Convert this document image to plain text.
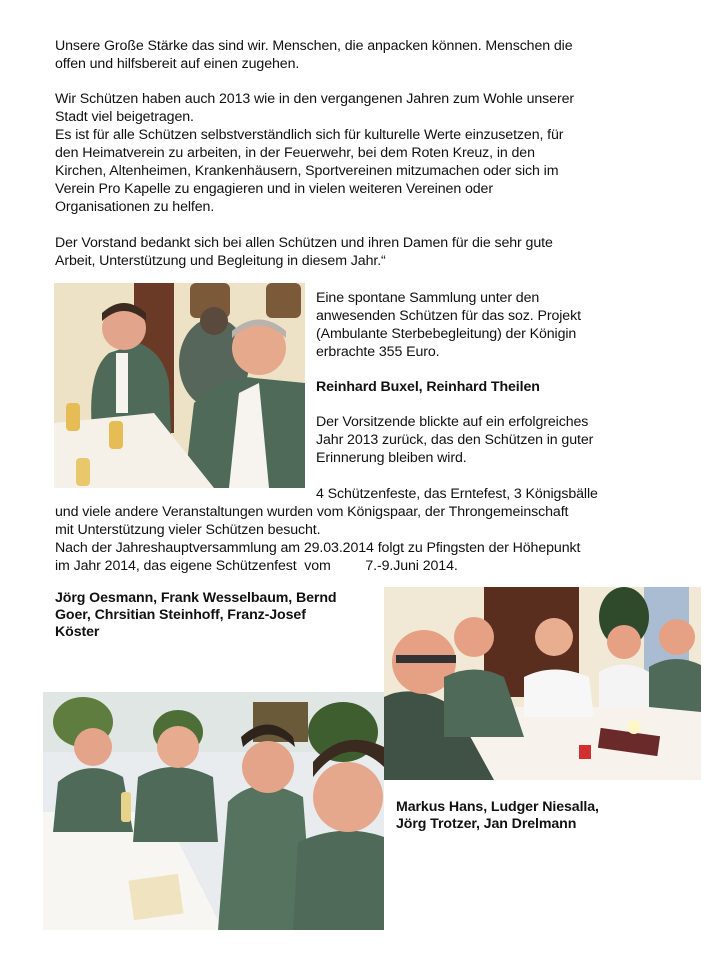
Unsere Große Stärke das sind wir. Menschen, die anpacken können. Menschen die
offen und hilfsbereit auf einen zugehen.
Wir Schützen haben auch 2013 wie in den vergangenen Jahren zum Wohle unserer
Stadt viel beigetragen.
Es ist für alle Schützen selbstverständlich sich für kulturelle Werte einzusetzen, für
den Heimatverein zu arbeiten, in der Feuerwehr, bei dem Roten Kreuz, in den
Kirchen, Altenheimen, Krankenhäusern, Sportvereinen mitzumachen oder sich im
Verein Pro Kapelle zu engagieren und in vielen weiteren Vereinen oder
Organisationen zu helfen.
Der Vorstand bedankt sich bei allen Schützen und ihren Damen für die sehr gute
Arbeit, Unterstützung und Begleitung in diesem Jahr.“
Eine spontane Sammlung unter den
anwesenden Schützen für das soz. Projekt
(Ambulante Sterbebegleitung) der Königin
erbrachte 355 Euro.
Reinhard Buxel, Reinhard Theilen
Der Vorsitzende blickte auf ein erfolgreiches
Jahr 2013 zurück, das den Schützen in guter
Erinnerung bleiben wird.
4 Schützenfeste, das Erntefest, 3 Königsbälle
und viele andere Veranstaltungen wurden vom Königspaar, der Throngemeinschaft
mit Unterstützung vieler Schützen besucht.
Nach der Jahreshauptversammlung am 29.03.2014 folgt zu Pfingsten der Höhepunkt
im Jahr 2014, das eigene Schützenfest  vom         7.-9.Juni 2014.
Jörg Oesmann, Frank Wesselbaum, Bernd
Goer, Chrsitian Steinhoff, Franz-Josef
Köster
Markus Hans, Ludger Niesalla,
Jörg Trotzer, Jan Drelmann
